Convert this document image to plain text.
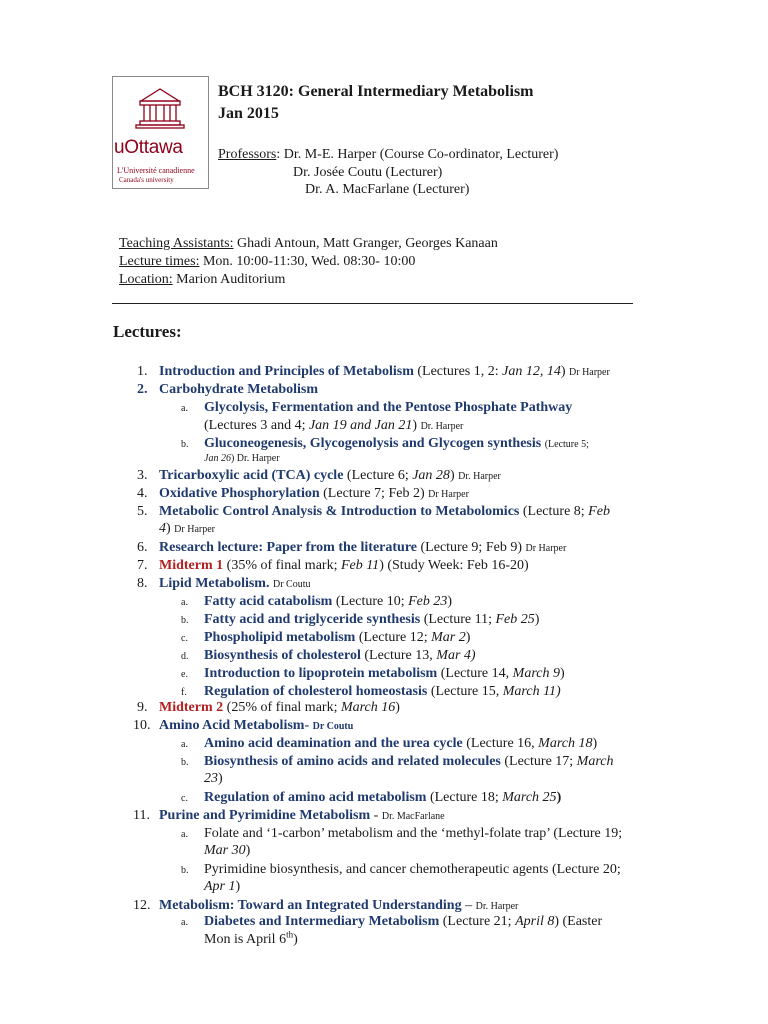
uOttawa
L'Université canadienne
Canada's university
BCH 3120: General Intermediary Metabolism
Jan 2015
Professors: Dr. M-E. Harper (Course Co-ordinator, Lecturer)
Dr. Josée Coutu (Lecturer)
Dr. A. MacFarlane (Lecturer)
Teaching Assistants: Ghadi Antoun, Matt Granger, Georges Kanaan
Lecture times: Mon. 10:00-11:30, Wed. 08:30- 10:00
Location: Marion Auditorium
Lectures:
1. Introduction and Principles of Metabolism (Lectures 1, 2: Jan 12, 14) Dr Harper
2. Carbohydrate Metabolism
a. Glycolysis, Fermentation and the Pentose Phosphate Pathway
(Lectures 3 and 4; Jan 19 and Jan 21) Dr. Harper
b. Gluconeogenesis, Glycogenolysis and Glycogen synthesis (Lecture 5;
Jan 26) Dr. Harper
3. Tricarboxylic acid (TCA) cycle (Lecture 6; Jan 28) Dr. Harper
4. Oxidative Phosphorylation (Lecture 7; Feb 2) Dr Harper
5. Metabolic Control Analysis & Introduction to Metabolomics (Lecture 8; Feb
4) Dr Harper
6. Research lecture: Paper from the literature (Lecture 9; Feb 9) Dr Harper
7. Midterm 1 (35% of final mark; Feb 11) (Study Week: Feb 16-20)
8. Lipid Metabolism. Dr Coutu
a. Fatty acid catabolism (Lecture 10; Feb 23)
b. Fatty acid and triglyceride synthesis (Lecture 11; Feb 25)
c. Phospholipid metabolism (Lecture 12; Mar 2)
d. Biosynthesis of cholesterol (Lecture 13, Mar 4)
e. Introduction to lipoprotein metabolism (Lecture 14, March 9)
f. Regulation of cholesterol homeostasis (Lecture 15, March 11)
9. Midterm 2 (25% of final mark; March 16)
10. Amino Acid Metabolism- Dr Coutu
a. Amino acid deamination and the urea cycle (Lecture 16, March 18)
b. Biosynthesis of amino acids and related molecules (Lecture 17; March
23)
c. Regulation of amino acid metabolism (Lecture 18; March 25)
11. Purine and Pyrimidine Metabolism - Dr. MacFarlane
a. Folate and ‘1-carbon’ metabolism and the ‘methyl-folate trap’ (Lecture 19;
Mar 30)
b. Pyrimidine biosynthesis, and cancer chemotherapeutic agents (Lecture 20;
Apr 1)
12. Metabolism: Toward an Integrated Understanding – Dr. Harper
a. Diabetes and Intermediary Metabolism (Lecture 21; April 8) (Easter
Mon is April 6th)
